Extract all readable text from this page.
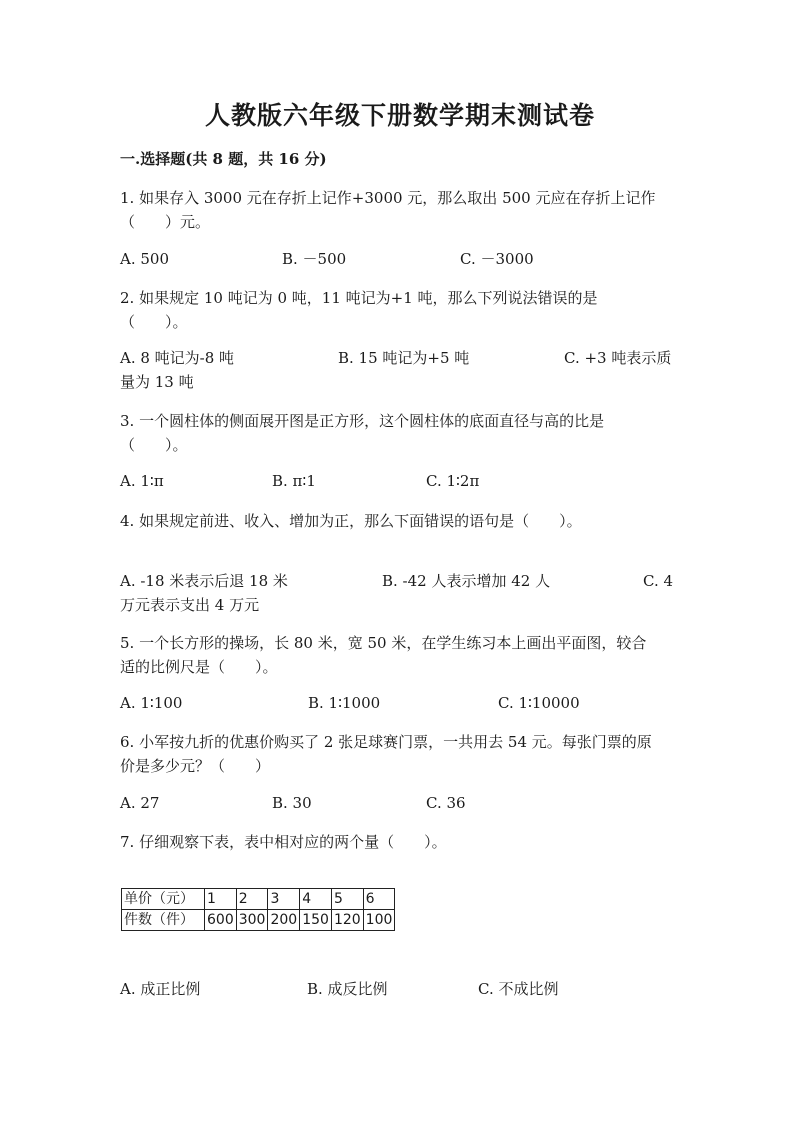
人教版六年级下册数学期末测试卷
一.选择题(共 8 题，共 16 分)
1. 如果存入 3000 元在存折上记作+3000 元，那么取出 500 元应在存折上记作
（　　）元。
A. 500	B. －500	C. －3000
2. 如果规定 10 吨记为 0 吨，11 吨记为+1 吨，那么下列说法错误的是
（　　）。
A. 8 吨记为-8 吨	B. 15 吨记为+5 吨	C. +3 吨表示质
量为 13 吨
3. 一个圆柱体的侧面展开图是正方形，这个圆柱体的底面直径与高的比是
（　　）。
A. 1∶π	B. π∶1	C. 1∶2π
4. 如果规定前进、收入、增加为正，那么下面错误的语句是（　　）。
A. -18 米表示后退 18 米	B. -42 人表示增加 42 人	C. 4
万元表示支出 4 万元
5. 一个长方形的操场，长 80 米，宽 50 米，在学生练习本上画出平面图，较合
适的比例尺是（　　）。
A. 1∶100	B. 1∶1000	C. 1∶10000
6. 小军按九折的优惠价购买了 2 张足球赛门票，一共用去 54 元。每张门票的原
价是多少元？（　　）
A. 27	B. 30	C. 36
7. 仔细观察下表，表中相对应的两个量（　　）。
单价（元）	1	2	3	4	5	6
件数（件）	600	300	200	150	120	100
A. 成正比例	B. 成反比例	C. 不成比例
